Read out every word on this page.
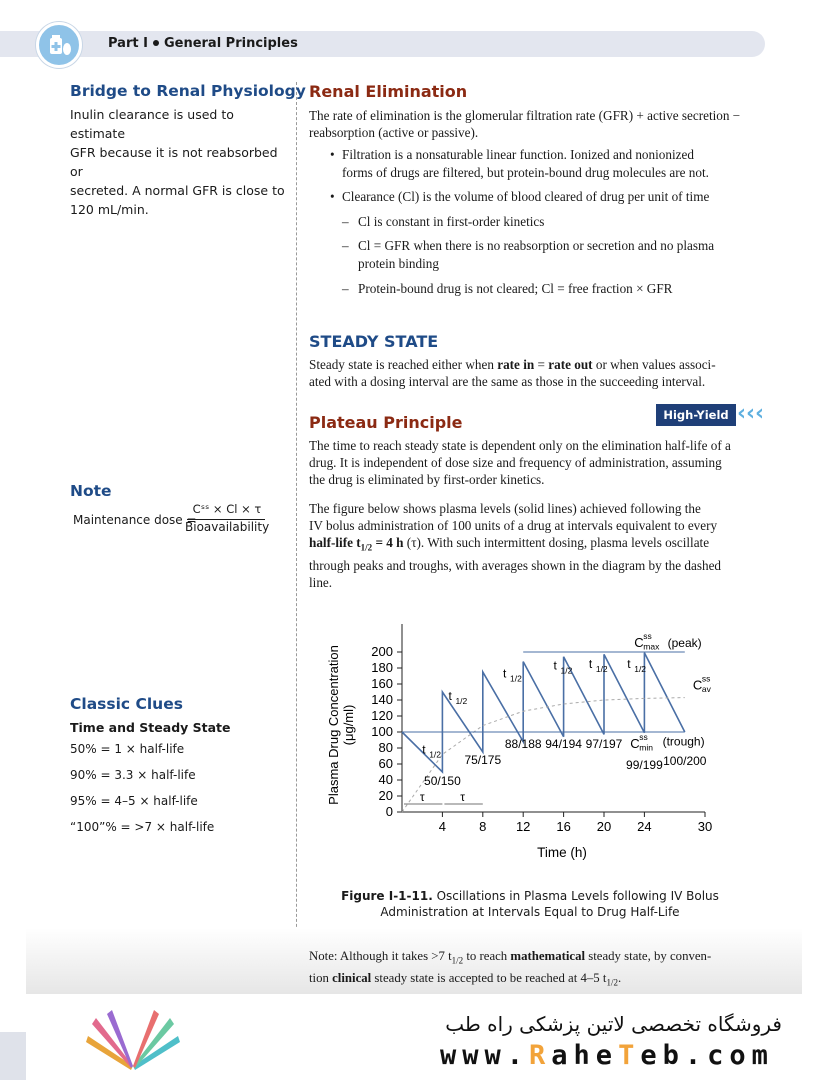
Part I General Principles
Bridge to Renal Physiology
Inulin clearance is used to estimate
GFR because it is not reabsorbed or
secreted. A normal GFR is close to
120 mL/min.
Note
Maintenance dose =
Cˢˢ × Cl × τ
Bioavailability
Classic Clues
Time and Steady State
50% = 1 × half-life
90% = 3.3 × half-life
95% = 4–5 × half-life
“100”% = >7 × half-life
Renal Elimination
The rate of elimination is the glomerular filtration rate (GFR) + active secretion −
reabsorption (active or passive).
• Filtration is a nonsaturable linear function. Ionized and nonionized
forms of drugs are filtered, but protein-bound drug molecules are not.
• Clearance (Cl) is the volume of blood cleared of drug per unit of time
– Cl is constant in first-order kinetics
– Cl = GFR when there is no reabsorption or secretion and no plasma
protein binding
– Protein-bound drug is not cleared; Cl = free fraction × GFR
STEADY STATE
Steady state is reached either when rate in = rate out or when values associ-
ated with a dosing interval are the same as those in the succeeding interval.
Plateau Principle	High-Yield ‹ ‹ ‹
The time to reach steady state is dependent only on the elimination half-life of a
drug. It is independent of dose size and frequency of administration, assuming
the drug is eliminated by first-order kinetics.
The figure below shows plasma levels (solid lines) achieved following the
IV bolus administration of 100 units of a drug at intervals equivalent to every
half-life $t_{1/2} = 4$ h (τ). With such intermittent dosing, plasma levels oscillate
through peaks and troughs, with averages shown in the diagram by the dashed
line.
0
20
40
60
80
100
120
140
160
180
200
4	8 12 16 20 24	30
Time (h)
Plasma Drug Concentration (μg/ml)
τ	τ
50/150
75/175
88/188 94/194 97/197
99/199 100/200
t 1/2
t 1/2
t 1/2
t 1/2 t 1/2 t 1/2
C ss
max (peak)
C ss
av
C ss
min (trough)
Figure I-1-11. Oscillations in Plasma Levels following IV Bolus
Administration at Intervals Equal to Drug Half-Life
Note: Although it takes >7 $t_{1/2}$ to reach mathematical steady state, by conven-
tion clinical steady state is accepted to be reached at 4–5 $t_{1/2}$.
فروشگاه تخصصی لاتین پزشکی راه طب
www.RaheTeb.com
